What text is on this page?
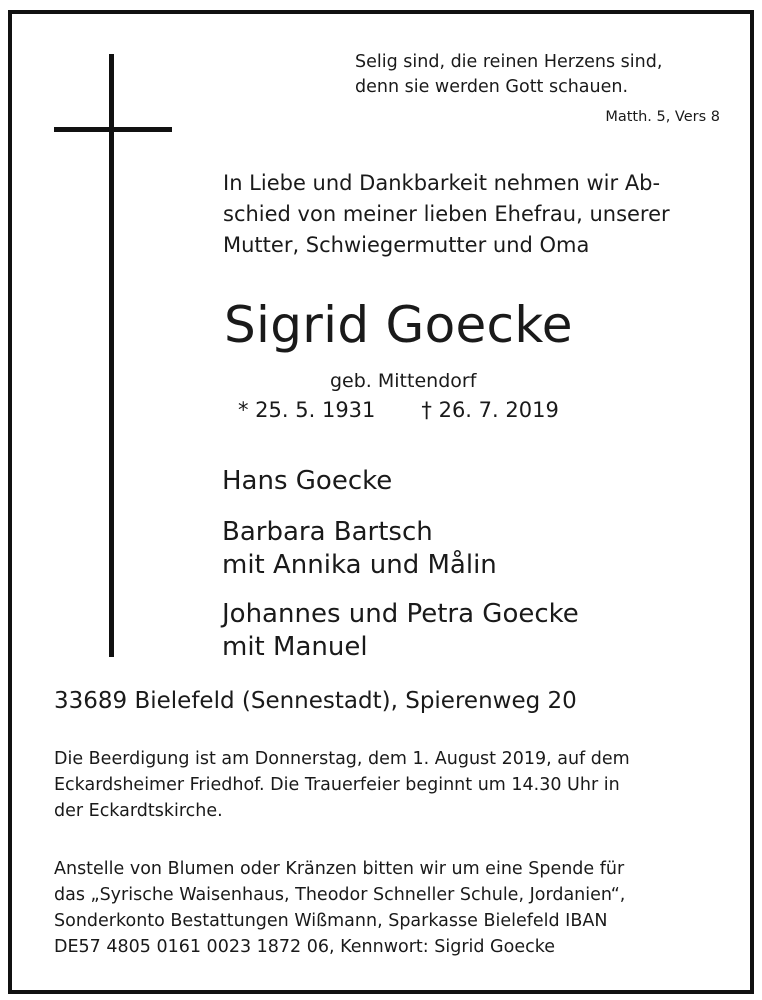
Selig sind, die reinen Herzens sind,
denn sie werden Gott schauen.
Matth. 5, Vers 8
In Liebe und Dankbarkeit nehmen wir Ab-
schied von meiner lieben Ehefrau, unserer
Mutter, Schwiegermutter und Oma
Sigrid Goecke
geb. Mittendorf
* 25. 5. 1931 † 26. 7. 2019
Hans Goecke
Barbara Bartsch
mit Annika und Målin
Johannes und Petra Goecke
mit Manuel
33689 Bielefeld (Sennestadt), Spierenweg 20
Die Beerdigung ist am Donnerstag, dem 1. August 2019, auf dem
Eckardsheimer Friedhof. Die Trauerfeier beginnt um 14.30 Uhr in
der Eckardtskirche.
Anstelle von Blumen oder Kränzen bitten wir um eine Spende für
das „Syrische Waisenhaus, Theodor Schneller Schule, Jordanien“,
Sonderkonto Bestattungen Wißmann, Sparkasse Bielefeld IBAN
DE57 4805 0161 0023 1872 06, Kennwort: Sigrid Goecke
